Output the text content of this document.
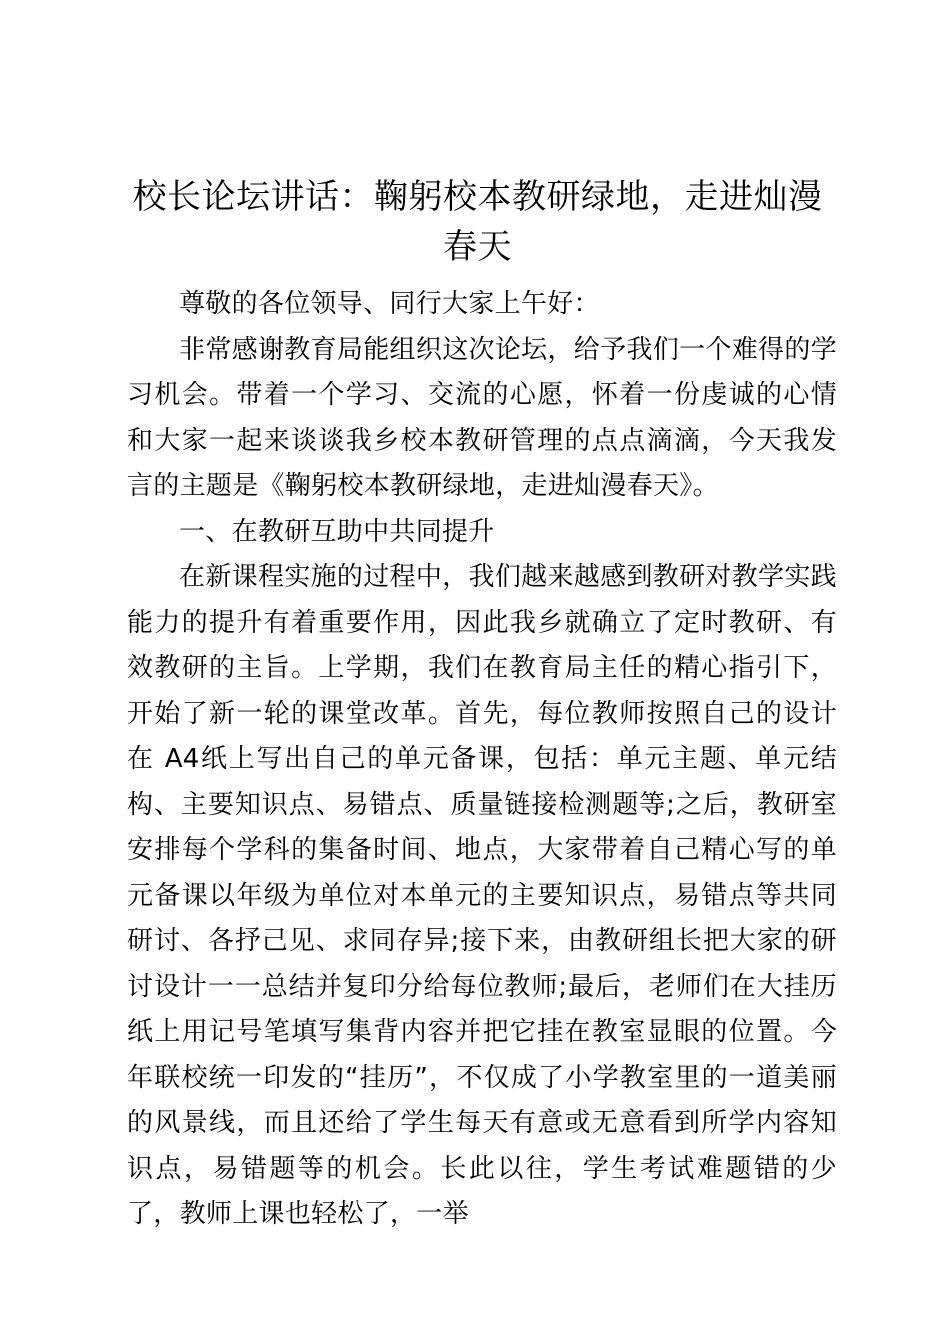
校长论坛讲话：鞠躬校本教研绿地，走进灿漫春天

尊敬的各位领导、同行大家上午好：

非常感谢教育局能组织这次论坛，给予我们一个难得的学习机会。带着一个学习、交流的心愿，怀着一份虔诚的心情和大家一起来谈谈我乡校本教研管理的点点滴滴，今天我发言的主题是《鞠躬校本教研绿地，走进灿漫春天》。

一、在教研互助中共同提升

在新课程实施的过程中，我们越来越感到教研对教学实践能力的提升有着重要作用，因此我乡就确立了定时教研、有效教研的主旨。上学期，我们在教育局主任的精心指引下，开始了新一轮的课堂改革。首先，每位教师按照自己的设计在 A4纸上写出自己的单元备课，包括：单元主题、单元结构、主要知识点、易错点、质量链接检测题等;之后，教研室安排每个学科的集备时间、地点，大家带着自己精心写的单元备课以年级为单位对本单元的主要知识点，易错点等共同研讨、各抒己见、求同存异;接下来，由教研组长把大家的研讨设计一一总结并复印分给每位教师;最后，老师们在大挂历纸上用记号笔填写集背内容并把它挂在教室显眼的位置。今年联校统一印发的“挂历”，不仅成了小学教室里的一道美丽的风景线，而且还给了学生每天有意或无意看到所学内容知识点，易错题等的机会。长此以往，学生考试难题错的少了，教师上课也轻松了，一举
